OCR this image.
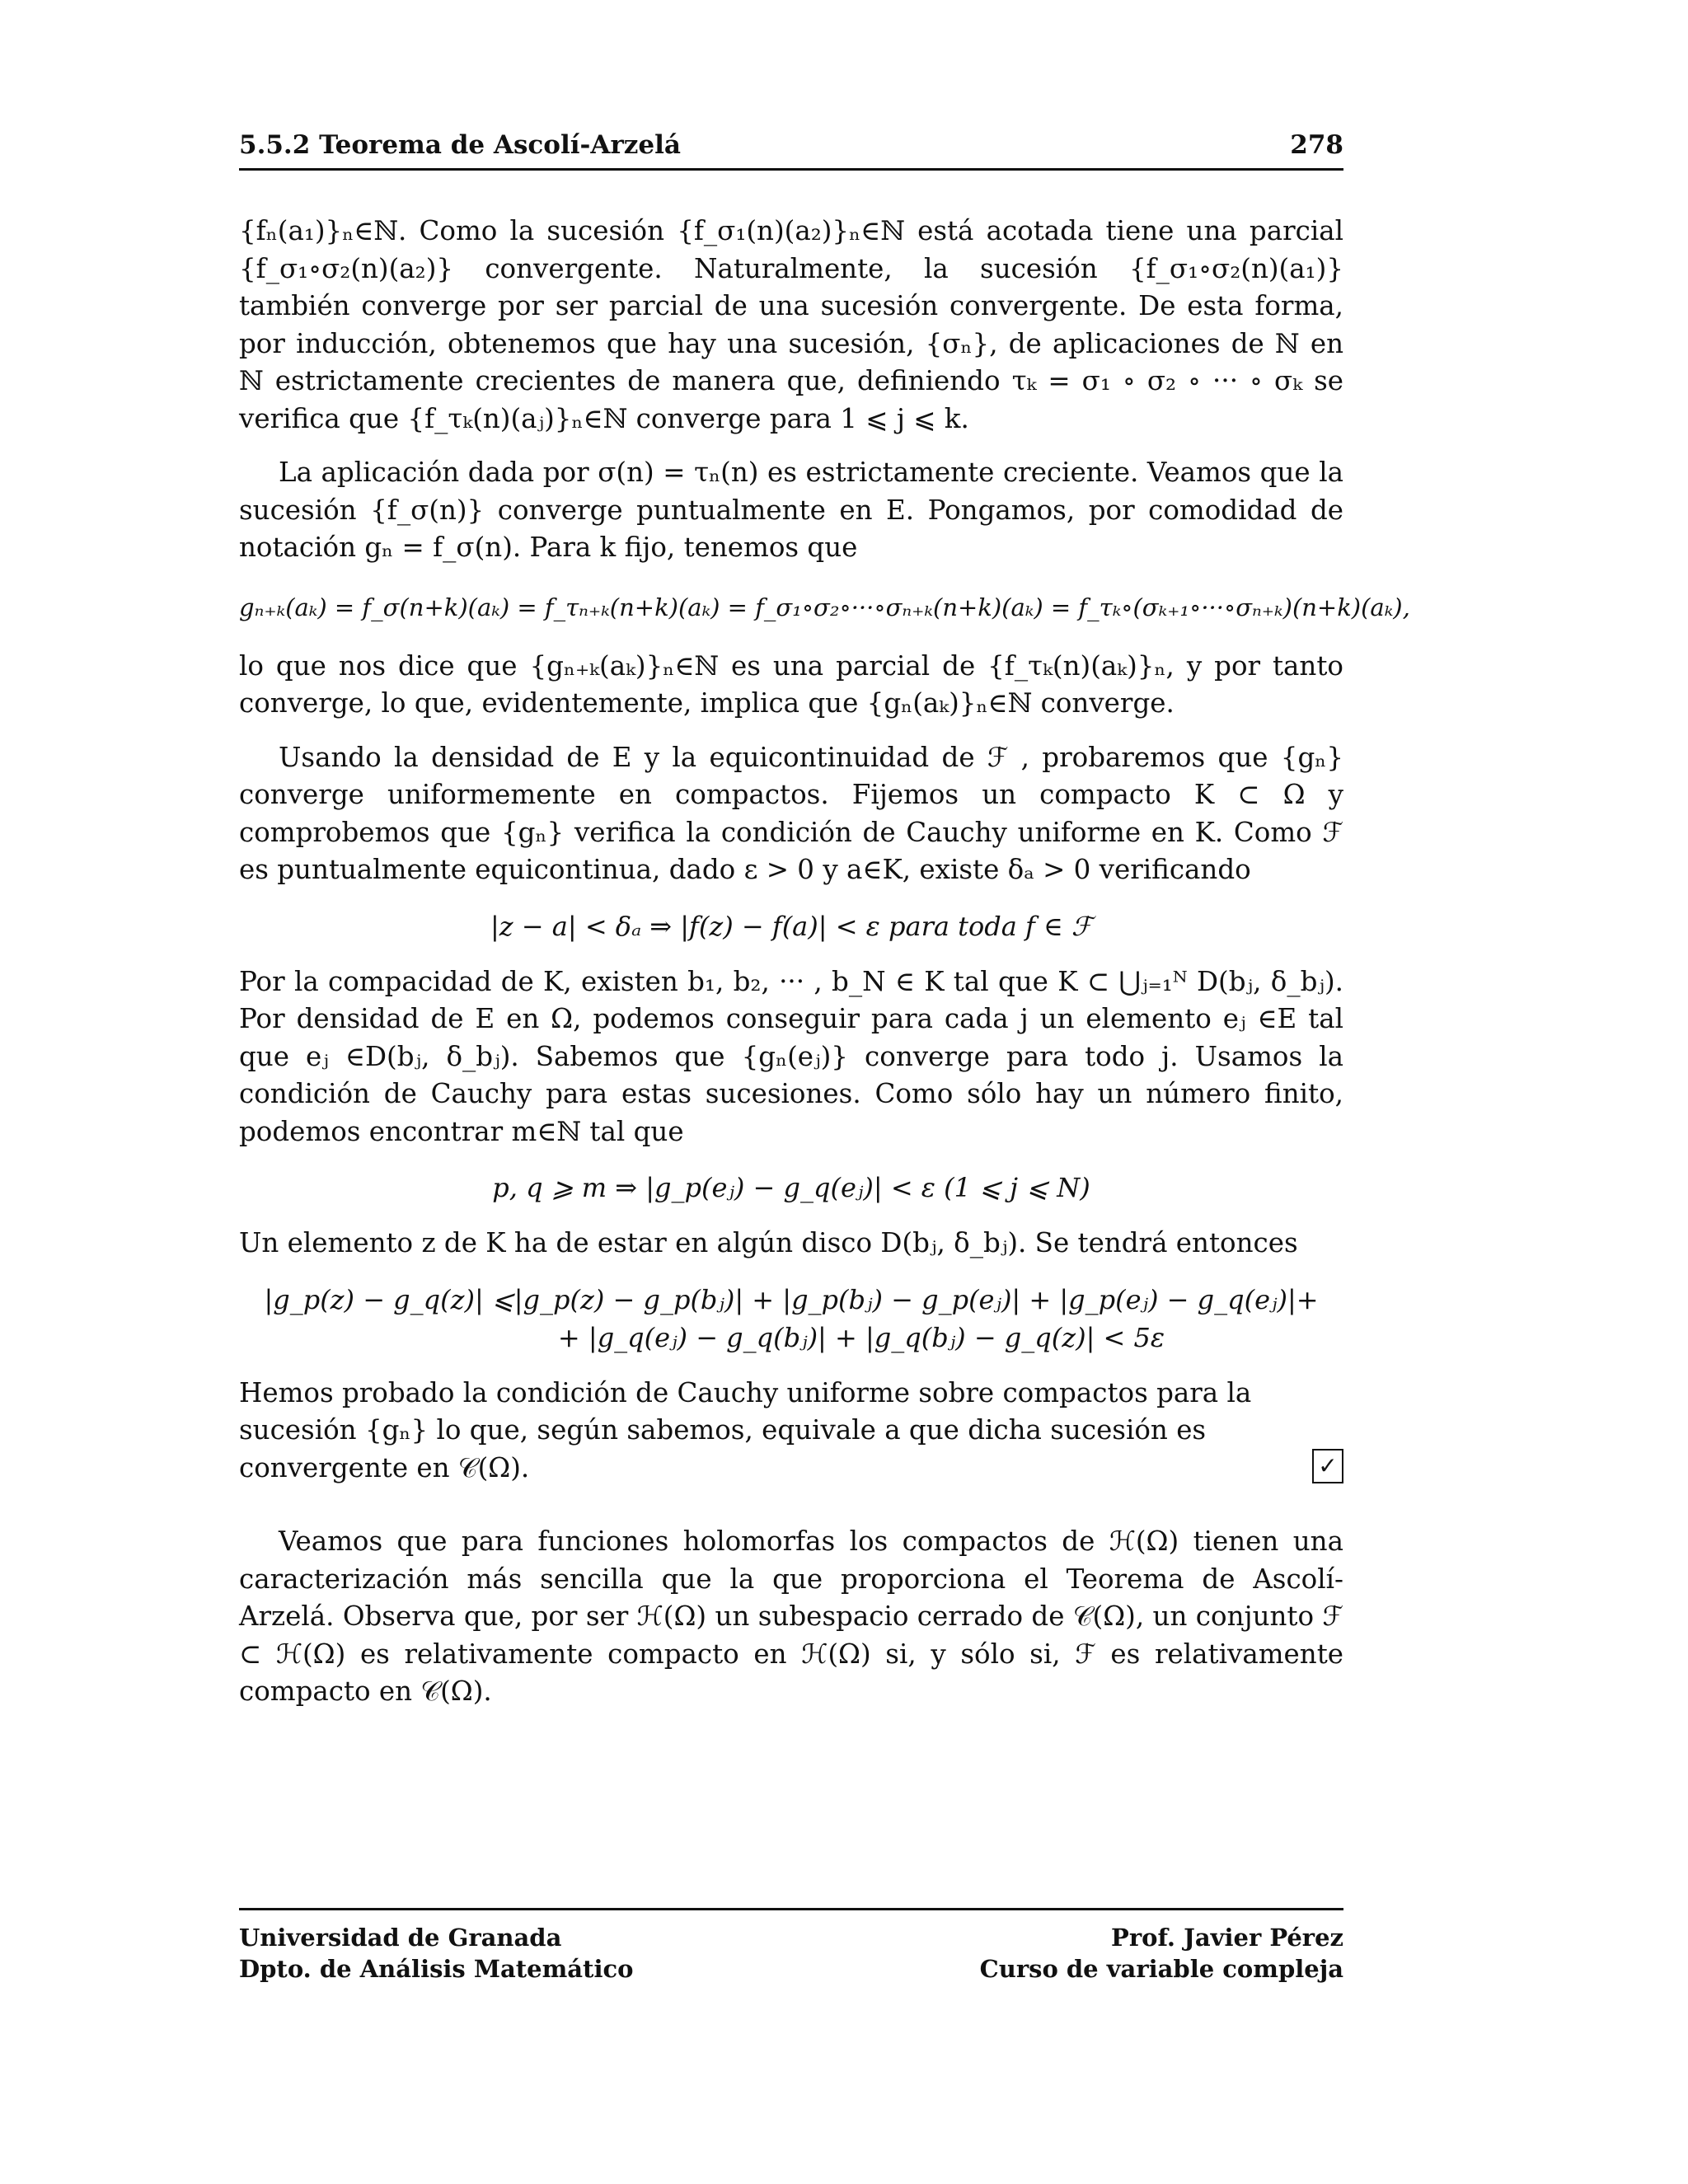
5.5.2 Teorema de Ascolí-Arzelá	278

{fₙ(a₁)}ₙ∈ℕ. Como la sucesión {f_σ₁(n)(a₂)}ₙ∈ℕ está acotada tiene una parcial {f_σ₁∘σ₂(n)(a₂)} convergente. Naturalmente, la sucesión {f_σ₁∘σ₂(n)(a₁)} también converge por ser parcial de una sucesión convergente. De esta forma, por inducción, obtenemos que hay una sucesión, {σₙ}, de aplicaciones de ℕ en ℕ estrictamente crecientes de manera que, definiendo τₖ = σ₁ ∘ σ₂ ∘ ··· ∘ σₖ se verifica que {f_τₖ(n)(aⱼ)}ₙ∈ℕ converge para 1 ⩽ j ⩽ k.

La aplicación dada por σ(n) = τₙ(n) es estrictamente creciente. Veamos que la sucesión {f_σ(n)} converge puntualmente en E. Pongamos, por comodidad de notación gₙ = f_σ(n). Para k fijo, tenemos que

gₙ₊ₖ(aₖ) = f_σ(n+k)(aₖ) = f_τₙ₊ₖ(n+k)(aₖ) = f_σ₁∘σ₂∘···∘σₙ₊ₖ(n+k)(aₖ) = f_τₖ∘(σₖ₊₁∘···∘σₙ₊ₖ)(n+k)(aₖ),

lo que nos dice que {gₙ₊ₖ(aₖ)}ₙ∈ℕ es una parcial de {f_τₖ(n)(aₖ)}ₙ, y por tanto converge, lo que, evidentemente, implica que {gₙ(aₖ)}ₙ∈ℕ converge.

Usando la densidad de E y la equicontinuidad de ℱ , probaremos que {gₙ} converge uniformemente en compactos. Fijemos un compacto K ⊂ Ω y comprobemos que {gₙ} verifica la condición de Cauchy uniforme en K. Como ℱ es puntualmente equicontinua, dado ε > 0 y a∈K, existe δₐ > 0 verificando

|z − a| < δₐ ⇒ |f(z) − f(a)| < ε para toda f ∈ ℱ

Por la compacidad de K, existen b₁, b₂, ··· , b_N ∈ K tal que K ⊂ ⋃ⱼ₌₁ᴺ D(bⱼ, δ_bⱼ). Por densidad de E en Ω, podemos conseguir para cada j un elemento eⱼ ∈E tal que eⱼ ∈D(bⱼ, δ_bⱼ). Sabemos que {gₙ(eⱼ)} converge para todo j. Usamos la condición de Cauchy para estas sucesiones. Como sólo hay un número finito, podemos encontrar m∈ℕ tal que

p, q ⩾ m ⇒ |g_p(eⱼ) − g_q(eⱼ)| < ε (1 ⩽ j ⩽ N)

Un elemento z de K ha de estar en algún disco D(bⱼ, δ_bⱼ). Se tendrá entonces

|g_p(z) − g_q(z)| ⩽|g_p(z) − g_p(bⱼ)| + |g_p(bⱼ) − g_p(eⱼ)| + |g_p(eⱼ) − g_q(eⱼ)|+
+ |g_q(eⱼ) − g_q(bⱼ)| + |g_q(bⱼ) − g_q(z)| < 5ε

Hemos probado la condición de Cauchy uniforme sobre compactos para la sucesión {gₙ} lo que, según sabemos, equivale a que dicha sucesión es convergente en 𝒞(Ω).	✓

Veamos que para funciones holomorfas los compactos de ℋ(Ω) tienen una caracterización más sencilla que la que proporciona el Teorema de Ascolí-Arzelá. Observa que, por ser ℋ(Ω) un subespacio cerrado de 𝒞(Ω), un conjunto ℱ ⊂ ℋ(Ω) es relativamente compacto en ℋ(Ω) si, y sólo si, ℱ es relativamente compacto en 𝒞(Ω).

Universidad de Granada
Dpto. de Análisis Matemático
Prof. Javier Pérez
Curso de variable compleja
